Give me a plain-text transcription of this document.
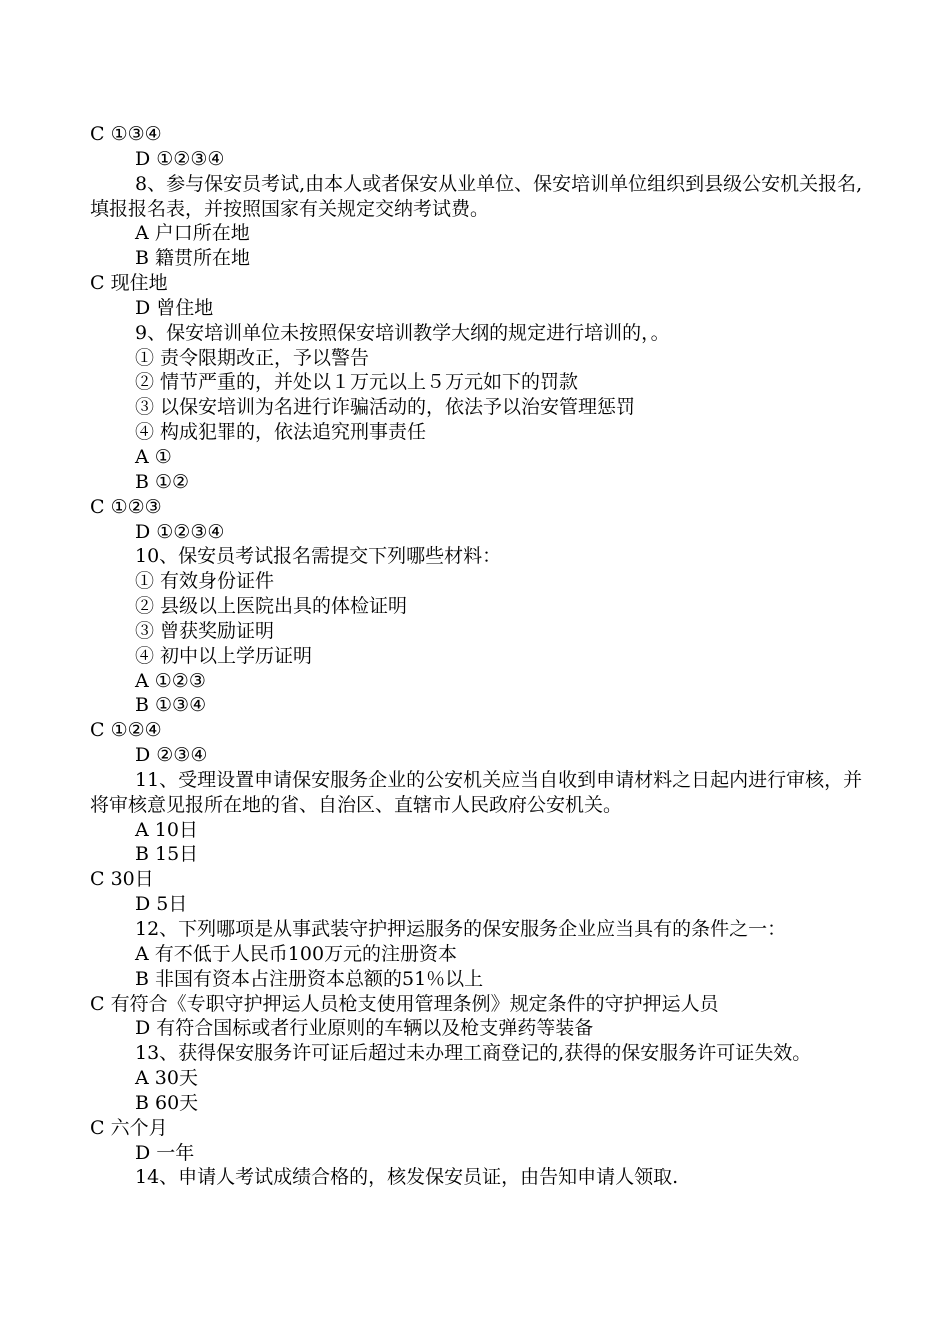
C ①③④
D ①②③④
8、参与保安员考试,由本人或者保安从业单位、保安培训单位组织到县级公安机关报名,填报报名表，并按照国家有关规定交纳考试费。
A 户口所在地
B 籍贯所在地
C 现住地
D 曾住地
9、保安培训单位未按照保安培训教学大纲的规定进行培训的，。
① 责令限期改正，予以警告
② 情节严重的，并处以１万元以上５万元如下的罚款
③ 以保安培训为名进行诈骗活动的，依法予以治安管理惩罚
④ 构成犯罪的，依法追究刑事责任
A ①
B ①②
C ①②③
D ①②③④
10、保安员考试报名需提交下列哪些材料：
① 有效身份证件
② 县级以上医院出具的体检证明
③ 曾获奖励证明
④ 初中以上学历证明
A ①②③
B ①③④
C ①②④
D ②③④
11、受理设置申请保安服务企业的公安机关应当自收到申请材料之日起内进行审核，并将审核意见报所在地的省、自治区、直辖市人民政府公安机关。
A 10日
B 15日
C 30日
D 5日
12、下列哪项是从事武装守护押运服务的保安服务企业应当具有的条件之一：
A 有不低于人民币100万元的注册资本
B 非国有资本占注册资本总额的51％以上
C 有符合《专职守护押运人员枪支使用管理条例》规定条件的守护押运人员
D 有符合国标或者行业原则的车辆以及枪支弹药等装备
13、获得保安服务许可证后超过未办理工商登记的,获得的保安服务许可证失效。
A 30天
B 60天
C 六个月
D 一年
14、申请人考试成绩合格的，核发保安员证，由告知申请人领取.
